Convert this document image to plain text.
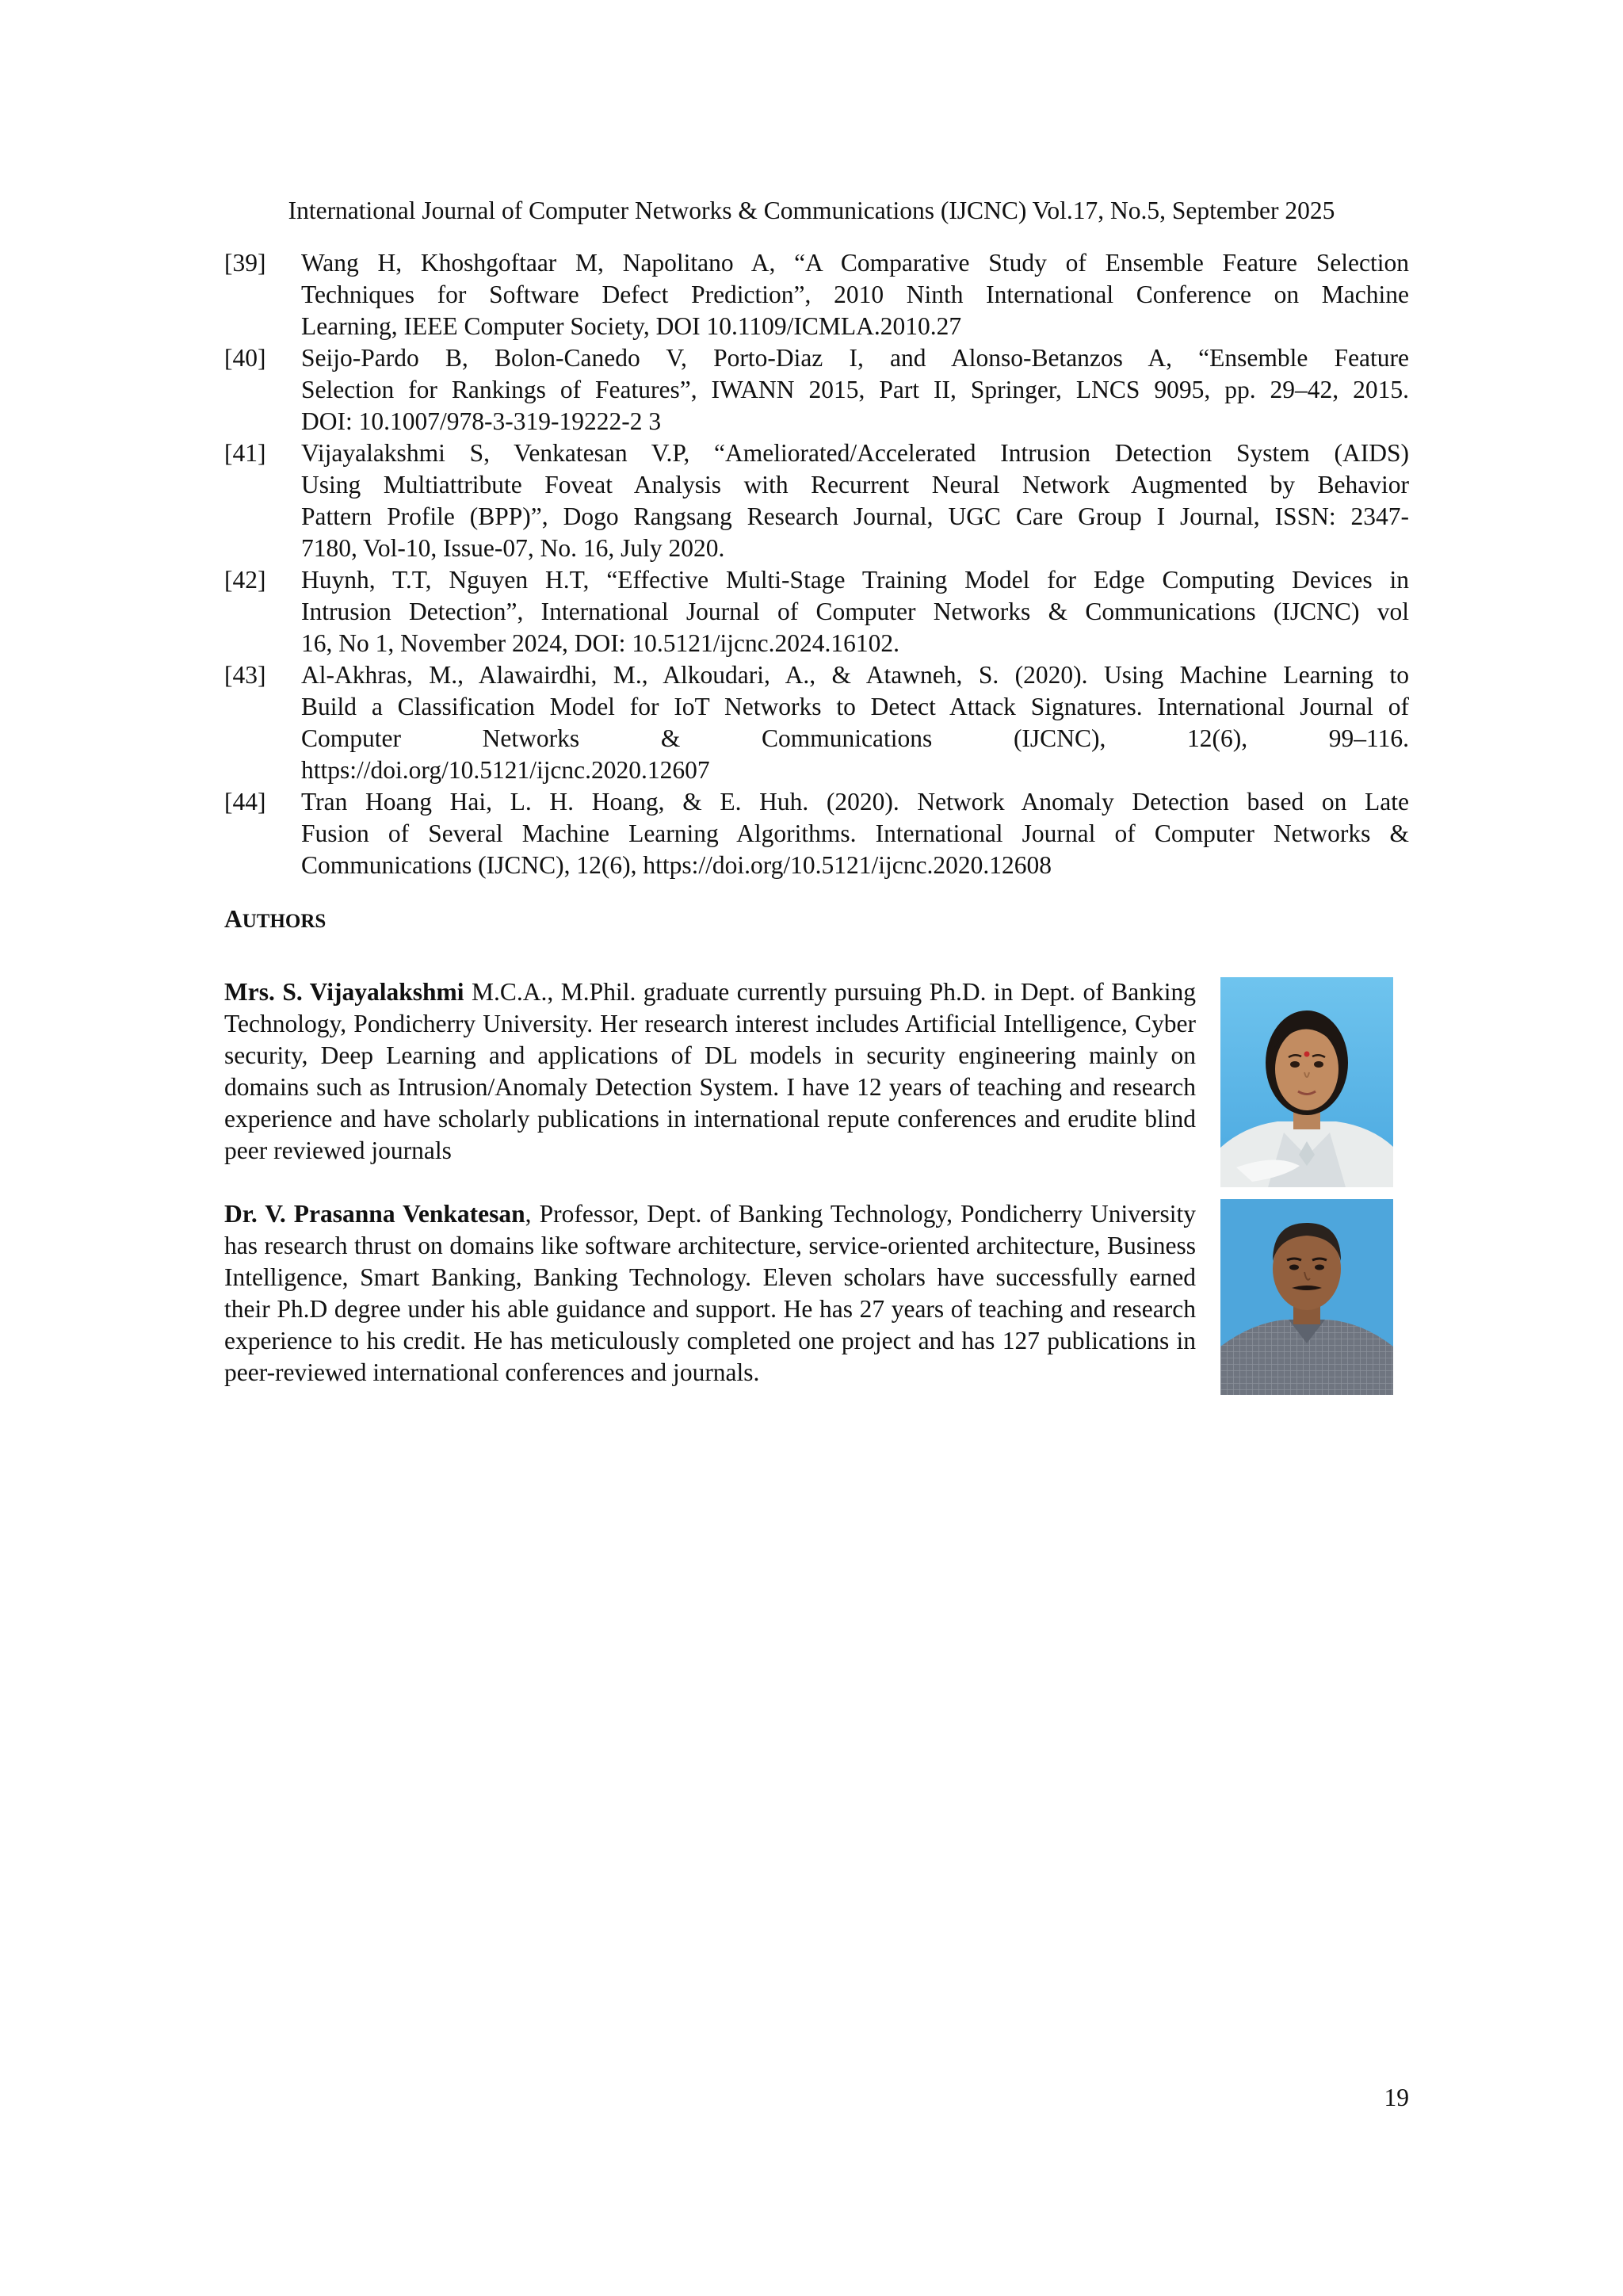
International Journal of Computer Networks & Communications (IJCNC) Vol.17, No.5, September 2025
[39] Wang H, Khoshgoftaar M, Napolitano A, “A Comparative Study of Ensemble Feature Selection
Techniques for Software Defect Prediction”, 2010 Ninth International Conference on Machine
Learning, IEEE Computer Society, DOI 10.1109/ICMLA.2010.27
[40] Seijo-Pardo B, Bolon-Canedo V, Porto-Diaz I, and Alonso-Betanzos A, “Ensemble Feature
Selection for Rankings of Features”, IWANN 2015, Part II, Springer, LNCS 9095, pp. 29–42, 2015.
DOI: 10.1007/978-3-319-19222-2 3
[41] Vijayalakshmi S, Venkatesan V.P, “Ameliorated/Accelerated Intrusion Detection System (AIDS)
Using Multiattribute Foveat Analysis with Recurrent Neural Network Augmented by Behavior
Pattern Profile (BPP)”, Dogo Rangsang Research Journal, UGC Care Group I Journal, ISSN: 2347-
7180, Vol-10, Issue-07, No. 16, July 2020.
[42] Huynh, T.T, Nguyen H.T, “Effective Multi-Stage Training Model for Edge Computing Devices in
Intrusion Detection”, International Journal of Computer Networks & Communications (IJCNC) vol
16, No 1, November 2024, DOI: 10.5121/ijcnc.2024.16102.
[43] Al-Akhras, M., Alawairdhi, M., Alkoudari, A., & Atawneh, S. (2020). Using Machine Learning to
Build a Classification Model for IoT Networks to Detect Attack Signatures. International Journal of
Computer Networks & Communications (IJCNC), 12(6), 99–116.
https://doi.org/10.5121/ijcnc.2020.12607
[44] Tran Hoang Hai, L. H. Hoang, & E. Huh. (2020). Network Anomaly Detection based on Late
Fusion of Several Machine Learning Algorithms. International Journal of Computer Networks &
Communications (IJCNC), 12(6), https://doi.org/10.5121/ijcnc.2020.12608
AUTHORS
Mrs. S. Vijayalakshmi M.C.A., M.Phil. graduate currently pursuing Ph.D. in Dept. of Banking Technology, Pondicherry University. Her research interest includes Artificial Intelligence, Cyber security, Deep Learning and applications of DL models in security engineering mainly on domains such as Intrusion/Anomaly Detection System. I have 12 years of teaching and research experience and have scholarly publications in international repute conferences and erudite blind peer reviewed journals
Dr. V. Prasanna Venkatesan, Professor, Dept. of Banking Technology, Pondicherry University has research thrust on domains like software architecture, service-oriented architecture, Business Intelligence, Smart Banking, Banking Technology. Eleven scholars have successfully earned their Ph.D degree under his able guidance and support. He has 27 years of teaching and research experience to his credit. He has meticulously completed one project and has 127 publications in peer-reviewed international conferences and journals.
19
